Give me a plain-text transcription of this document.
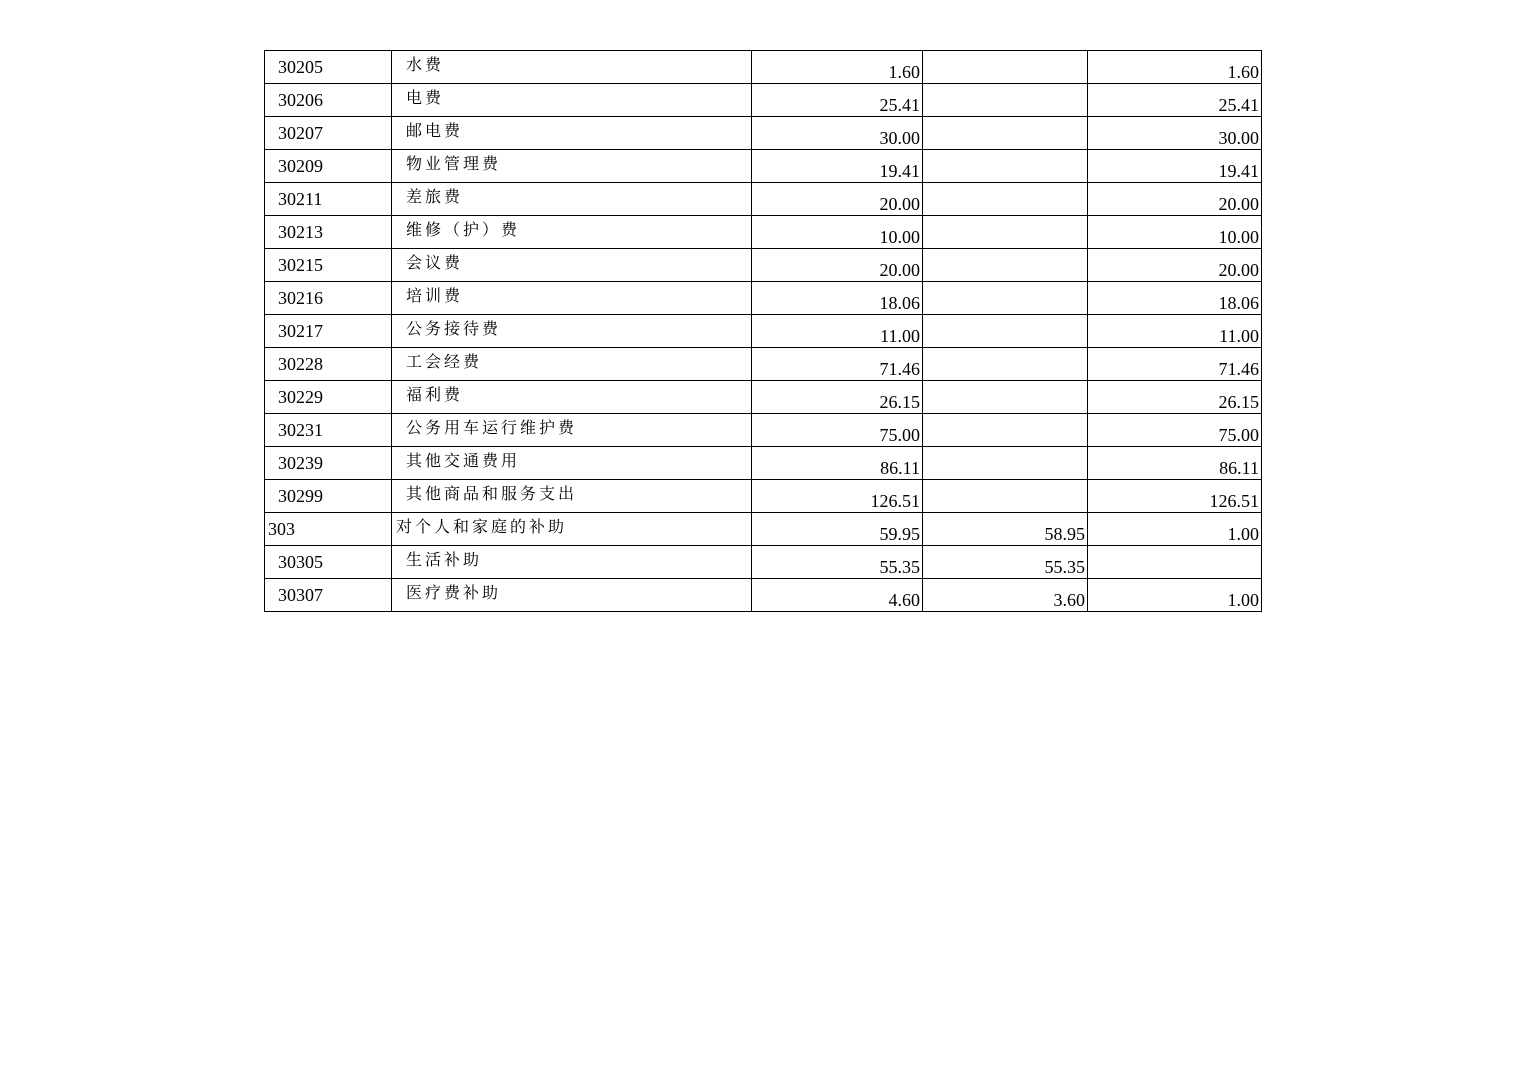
30205	水费	1.60		1.60
30206	电费	25.41		25.41
30207	邮电费	30.00		30.00
30209	物业管理费	19.41		19.41
30211	差旅费	20.00		20.00
30213	维修（护）费	10.00		10.00
30215	会议费	20.00		20.00
30216	培训费	18.06		18.06
30217	公务接待费	11.00		11.00
30228	工会经费	71.46		71.46
30229	福利费	26.15		26.15
30231	公务用车运行维护费	75.00		75.00
30239	其他交通费用	86.11		86.11
30299	其他商品和服务支出	126.51		126.51
303	对个人和家庭的补助	59.95	58.95	1.00
30305	生活补助	55.35	55.35	
30307	医疗费补助	4.60	3.60	1.00
